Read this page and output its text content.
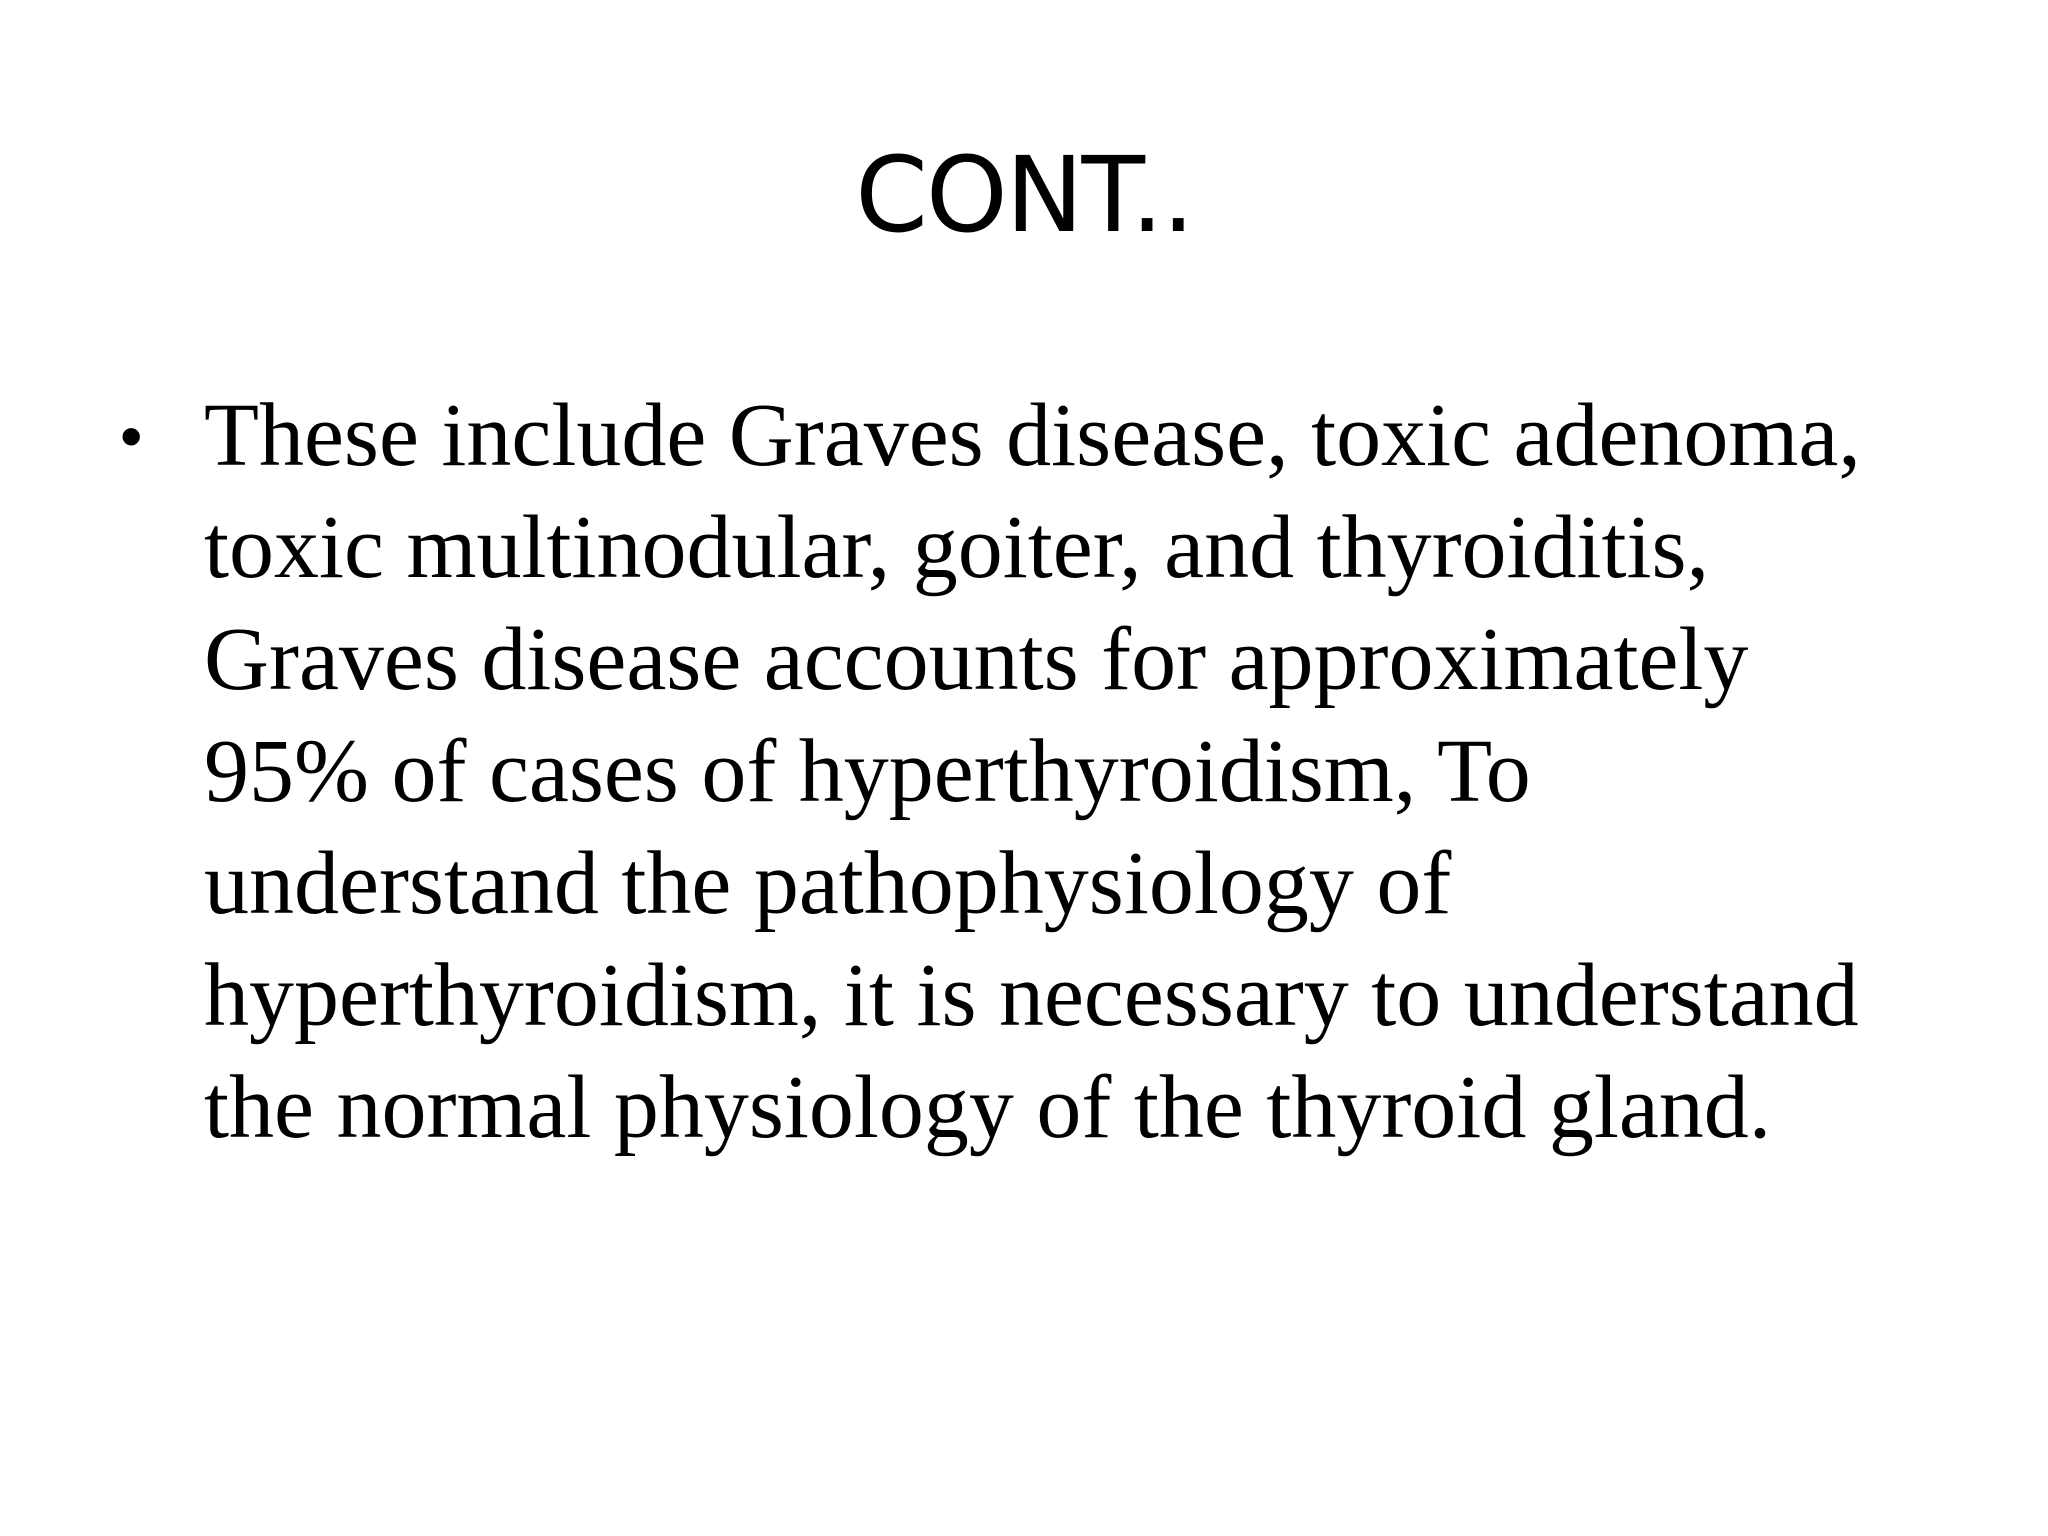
CONT..
• These include Graves disease, toxic adenoma,
toxic multinodular, goiter, and thyroiditis,
Graves disease accounts for approximately
95% of cases of hyperthyroidism, To
understand the pathophysiology of
hyperthyroidism, it is necessary to understand
the normal physiology of the thyroid gland.
